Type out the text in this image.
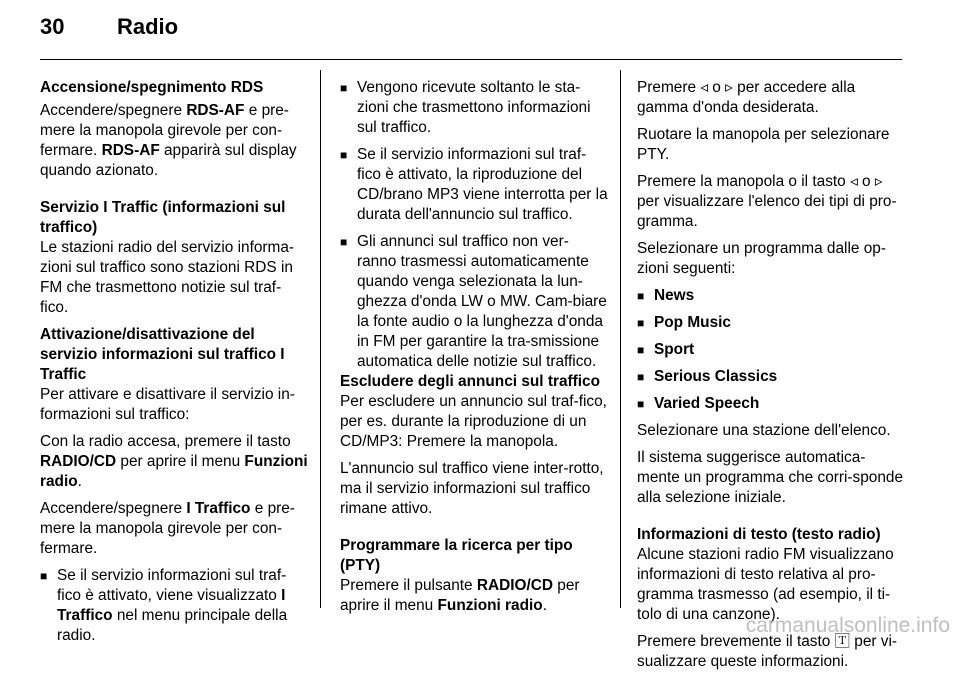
30 Radio
Accensione/spegnimento RDS

Accendere/spegnere RDS-AF e pre-mere la manopola girevole per con-fermare. RDS-AF apparirà sul display quando azionato.

Servizio I Traffic (informazioni sul traffico)

Le stazioni radio del servizio informa-zioni sul traffico sono stazioni RDS in FM che trasmettono notizie sul traf-fico.

Attivazione/disattivazione del servizio informazioni sul traffico I Traffic

Per attivare e disattivare il servizio in-formazioni sul traffico:

Con la radio accesa, premere il tasto RADIO/CD per aprire il menu Funzioni radio.

Accendere/spegnere I Traffico e pre-mere la manopola girevole per con-fermare.

■ Se il servizio informazioni sul traf-fico è attivato, viene visualizzato I Traffico nel menu principale della radio.
■ Vengono ricevute soltanto le sta-zioni che trasmettono informazioni sul traffico.
■ Se il servizio informazioni sul traf-fico è attivato, la riproduzione del CD/brano MP3 viene interrotta per la durata dell'annuncio sul traffico.
■ Gli annunci sul traffico non ver-ranno trasmessi automaticamente quando venga selezionata la lun-ghezza d'onda LW o MW. Cam-biare la fonte audio o la lunghezza d'onda in FM per garantire la tra-smissione automatica delle notizie sul traffico.
Escludere degli annunci sul traffico

Per escludere un annuncio sul traf-fico, per es. durante la riproduzione di un CD/MP3: Premere la manopola.

L'annuncio sul traffico viene inter-rotto, ma il servizio informazioni sul traffico rimane attivo.

Programmare la ricerca per tipo (PTY)

Premere il pulsante RADIO/CD per aprire il menu Funzioni radio.

Premere ◃ o ▹ per accedere alla gamma d'onda desiderata.

Ruotare la manopola per selezionare PTY.

Premere la manopola o il tasto ◃ o ▹ per visualizzare l'elenco dei tipi di pro-gramma.

Selezionare un programma dalle op-zioni seguenti:

■ News
■ Pop Music
■ Sport
■ Serious Classics
■ Varied Speech

Selezionare una stazione dell'elenco.

Il sistema suggerisce automatica-mente un programma che corri-sponde alla selezione iniziale.

Informazioni di testo (testo radio)

Alcune stazioni radio FM visualizzano informazioni di testo relativa al pro-gramma trasmesso (ad esempio, il ti-tolo di una canzone).

Premere brevemente il tasto 🅃 per vi-sualizzare queste informazioni.

carmanualsonline.info
